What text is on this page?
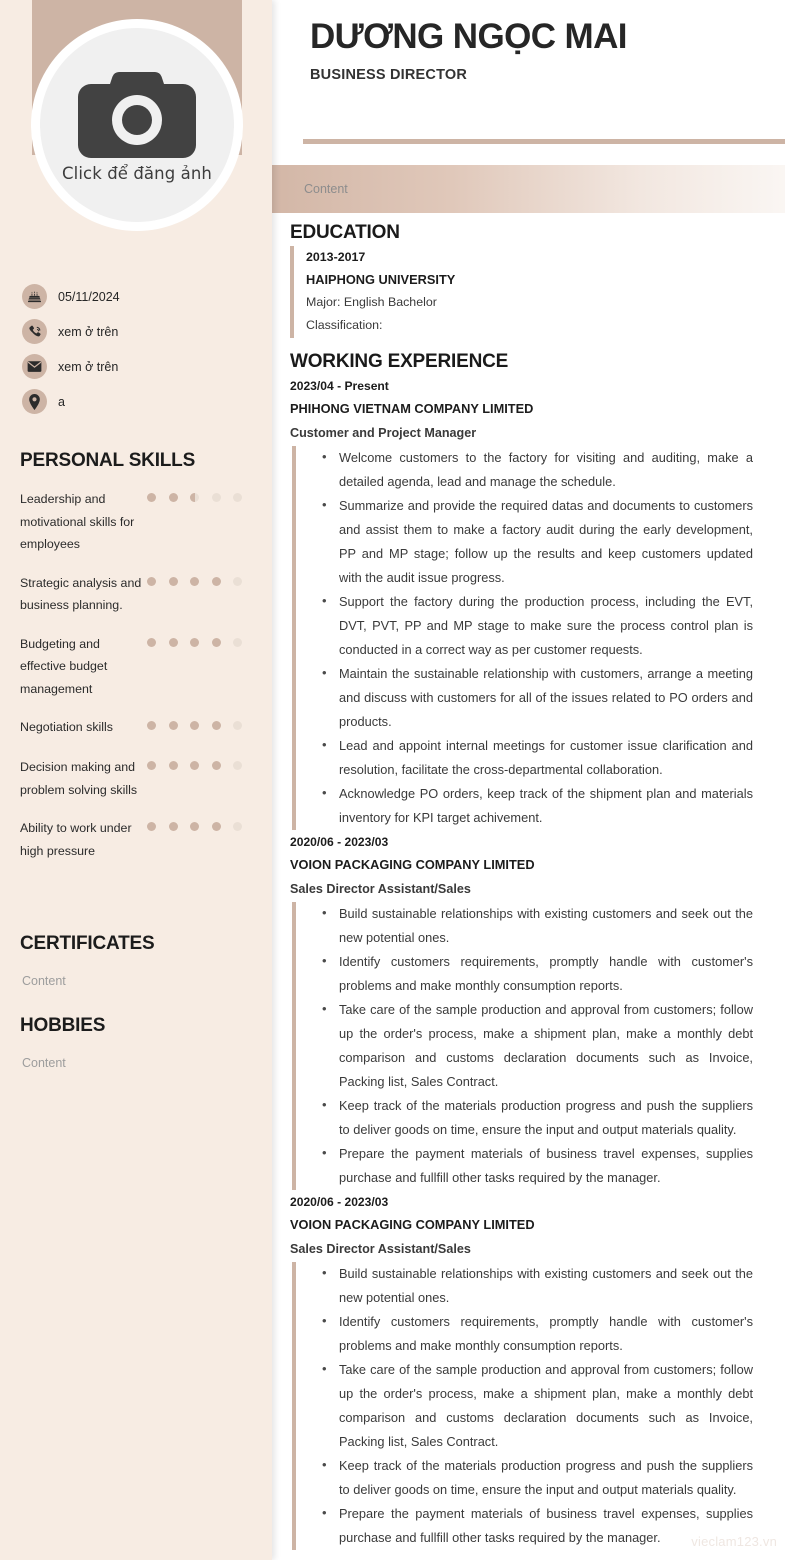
Click để đăng ảnh
05/11/2024
xem ở trên
xem ở trên
a
PERSONAL SKILLS
Leadership and motivational skills for employees
Strategic analysis and business planning.
Budgeting and effective budget management
Negotiation skills
Decision making and problem solving skills
Ability to work under high pressure
CERTIFICATES
Content
HOBBIES
Content
DƯƠNG NGỌC MAI
BUSINESS DIRECTOR
Content
EDUCATION
2013-2017
HAIPHONG UNIVERSITY
Major: English Bachelor
Classification:
WORKING EXPERIENCE
2023/04 - Present
PHIHONG VIETNAM COMPANY LIMITED
Customer and Project Manager
• Welcome customers to the factory for visiting and auditing, make a detailed agenda, lead and manage the schedule.
• Summarize and provide the required datas and documents to customers and assist them to make a factory audit during the early development, PP and MP stage; follow up the results and keep customers updated with the audit issue progress.
• Support the factory during the production process, including the EVT, DVT, PVT, PP and MP stage to make sure the process control plan is conducted in a correct way as per customer requests.
• Maintain the sustainable relationship with customers, arrange a meeting and discuss with customers for all of the issues related to PO orders and products.
• Lead and appoint internal meetings for customer issue clarification and resolution, facilitate the cross-departmental collaboration.
• Acknowledge PO orders, keep track of the shipment plan and materials inventory for KPI target achivement.
2020/06 - 2023/03
VOION PACKAGING COMPANY LIMITED
Sales Director Assistant/Sales
• Build sustainable relationships with existing customers and seek out the new potential ones.
• Identify customers requirements, promptly handle with customer's problems and make monthly consumption reports.
• Take care of the sample production and approval from customers; follow up the order's process, make a shipment plan, make a monthly debt comparison and customs declaration documents such as Invoice, Packing list, Sales Contract.
• Keep track of the materials production progress and push the suppliers to deliver goods on time, ensure the input and output materials quality.
• Prepare the payment materials of business travel expenses, supplies purchase and fullfill other tasks required by the manager.
2020/06 - 2023/03
VOION PACKAGING COMPANY LIMITED
Sales Director Assistant/Sales
• Build sustainable relationships with existing customers and seek out the new potential ones.
• Identify customers requirements, promptly handle with customer's problems and make monthly consumption reports.
• Take care of the sample production and approval from customers; follow up the order's process, make a shipment plan, make a monthly debt comparison and customs declaration documents such as Invoice, Packing list, Sales Contract.
• Keep track of the materials production progress and push the suppliers to deliver goods on time, ensure the input and output materials quality.
• Prepare the payment materials of business travel expenses, supplies purchase and fullfill other tasks required by the manager.	vieclam123.vn
